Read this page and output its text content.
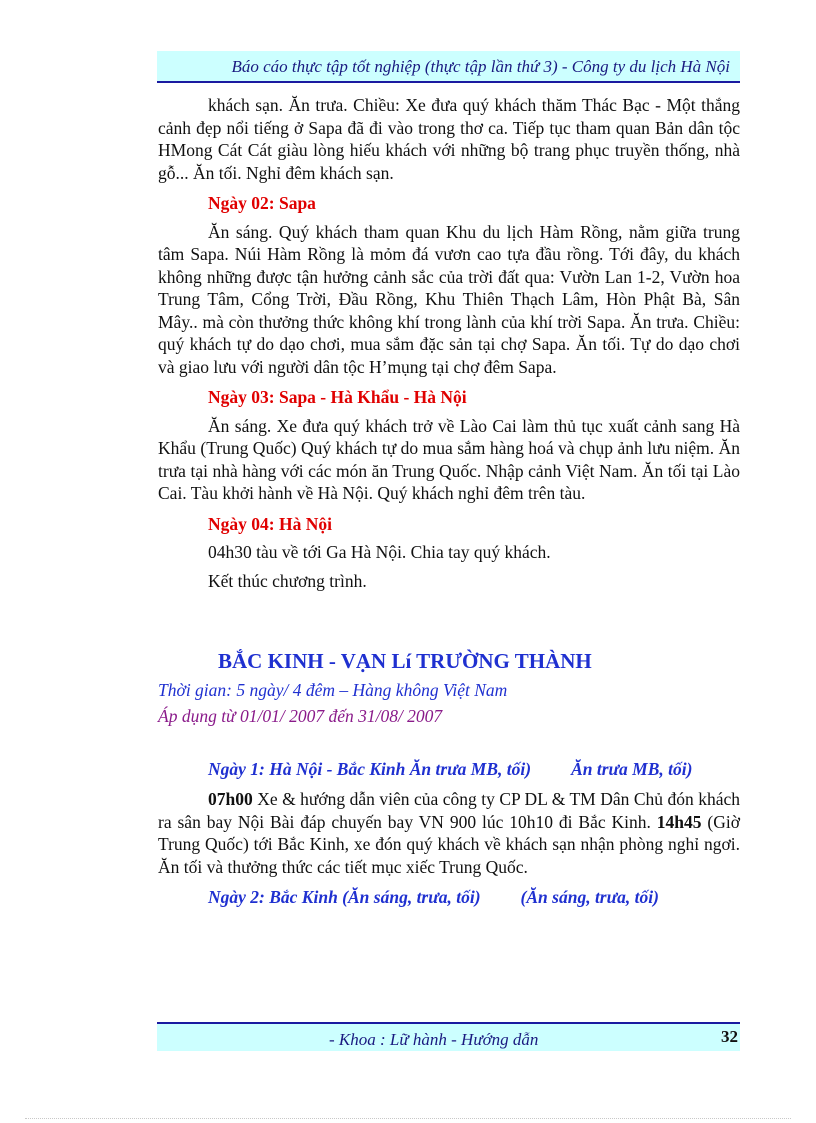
Báo cáo thực tập tốt nghiệp (thực tập lần thứ 3) - Công ty du lịch Hà Nội

khách sạn. Ăn trưa. Chiều: Xe đưa quý khách thăm Thác Bạc - Một thắng cảnh đẹp nổi tiếng ở Sapa đã đi vào trong thơ ca. Tiếp tục tham quan Bản dân tộc HMong Cát Cát giàu lòng hiếu khách với những bộ trang phục truyền thống, nhà gỗ... Ăn tối. Nghỉ đêm khách sạn.

Ngày 02: Sapa

Ăn sáng. Quý khách tham quan Khu du lịch Hàm Rồng, nằm giữa trung tâm Sapa. Núi Hàm Rồng là mỏm đá vươn cao tựa đầu rồng. Tới đây, du khách không những được tận hưởng cảnh sắc của trời đất qua: Vườn Lan 1-2, Vườn hoa Trung Tâm, Cổng Trời, Đầu Rồng, Khu Thiên Thạch Lâm, Hòn Phật Bà, Sân Mây.. mà còn thưởng thức không khí trong lành của khí trời Sapa. Ăn trưa. Chiều: quý khách tự do dạo chơi, mua sắm đặc sản tại chợ Sapa. Ăn tối. Tự do dạo chơi và giao lưu với người dân tộc H’mụng tại chợ đêm Sapa.

Ngày 03: Sapa - Hà Khẩu - Hà Nội

Ăn sáng. Xe đưa quý khách trở về Lào Cai làm thủ tục xuất cảnh sang Hà Khẩu (Trung Quốc) Quý khách tự do mua sắm hàng hoá và chụp ảnh lưu niệm. Ăn trưa tại nhà hàng với các món ăn Trung Quốc. Nhập cảnh Việt Nam. Ăn tối tại Lào Cai. Tàu khởi hành về Hà Nội. Quý khách nghỉ đêm trên tàu.

Ngày 04: Hà Nội

04h30 tàu về tới Ga Hà Nội. Chia tay quý khách.

Kết thúc chương trình.

BẮC KINH - VẠN Lí TRƯỜNG THÀNH

Thời gian: 5 ngày/ 4 đêm – Hàng không Việt Nam

Áp dụng từ 01/01/ 2007 đến 31/08/ 2007

Ngày 1: Hà Nội - Bắc Kinh Ăn trưa MB, tối) Ăn trưa MB, tối)

07h00 Xe & hướng dẫn viên của công ty CP DL & TM Dân Chủ đón khách ra sân bay Nội Bài đáp chuyến bay VN 900 lúc 10h10 đi Bắc Kinh. 14h45 (Giờ Trung Quốc) tới Bắc Kinh, xe đón quý khách về khách sạn nhận phòng nghỉ ngơi. Ăn tối và thưởng thức các tiết mục xiếc Trung Quốc.

Ngày 2: Bắc Kinh (Ăn sáng, trưa, tối) (Ăn sáng, trưa, tối)

- Khoa : Lữ hành - Hướng dẫn	32
